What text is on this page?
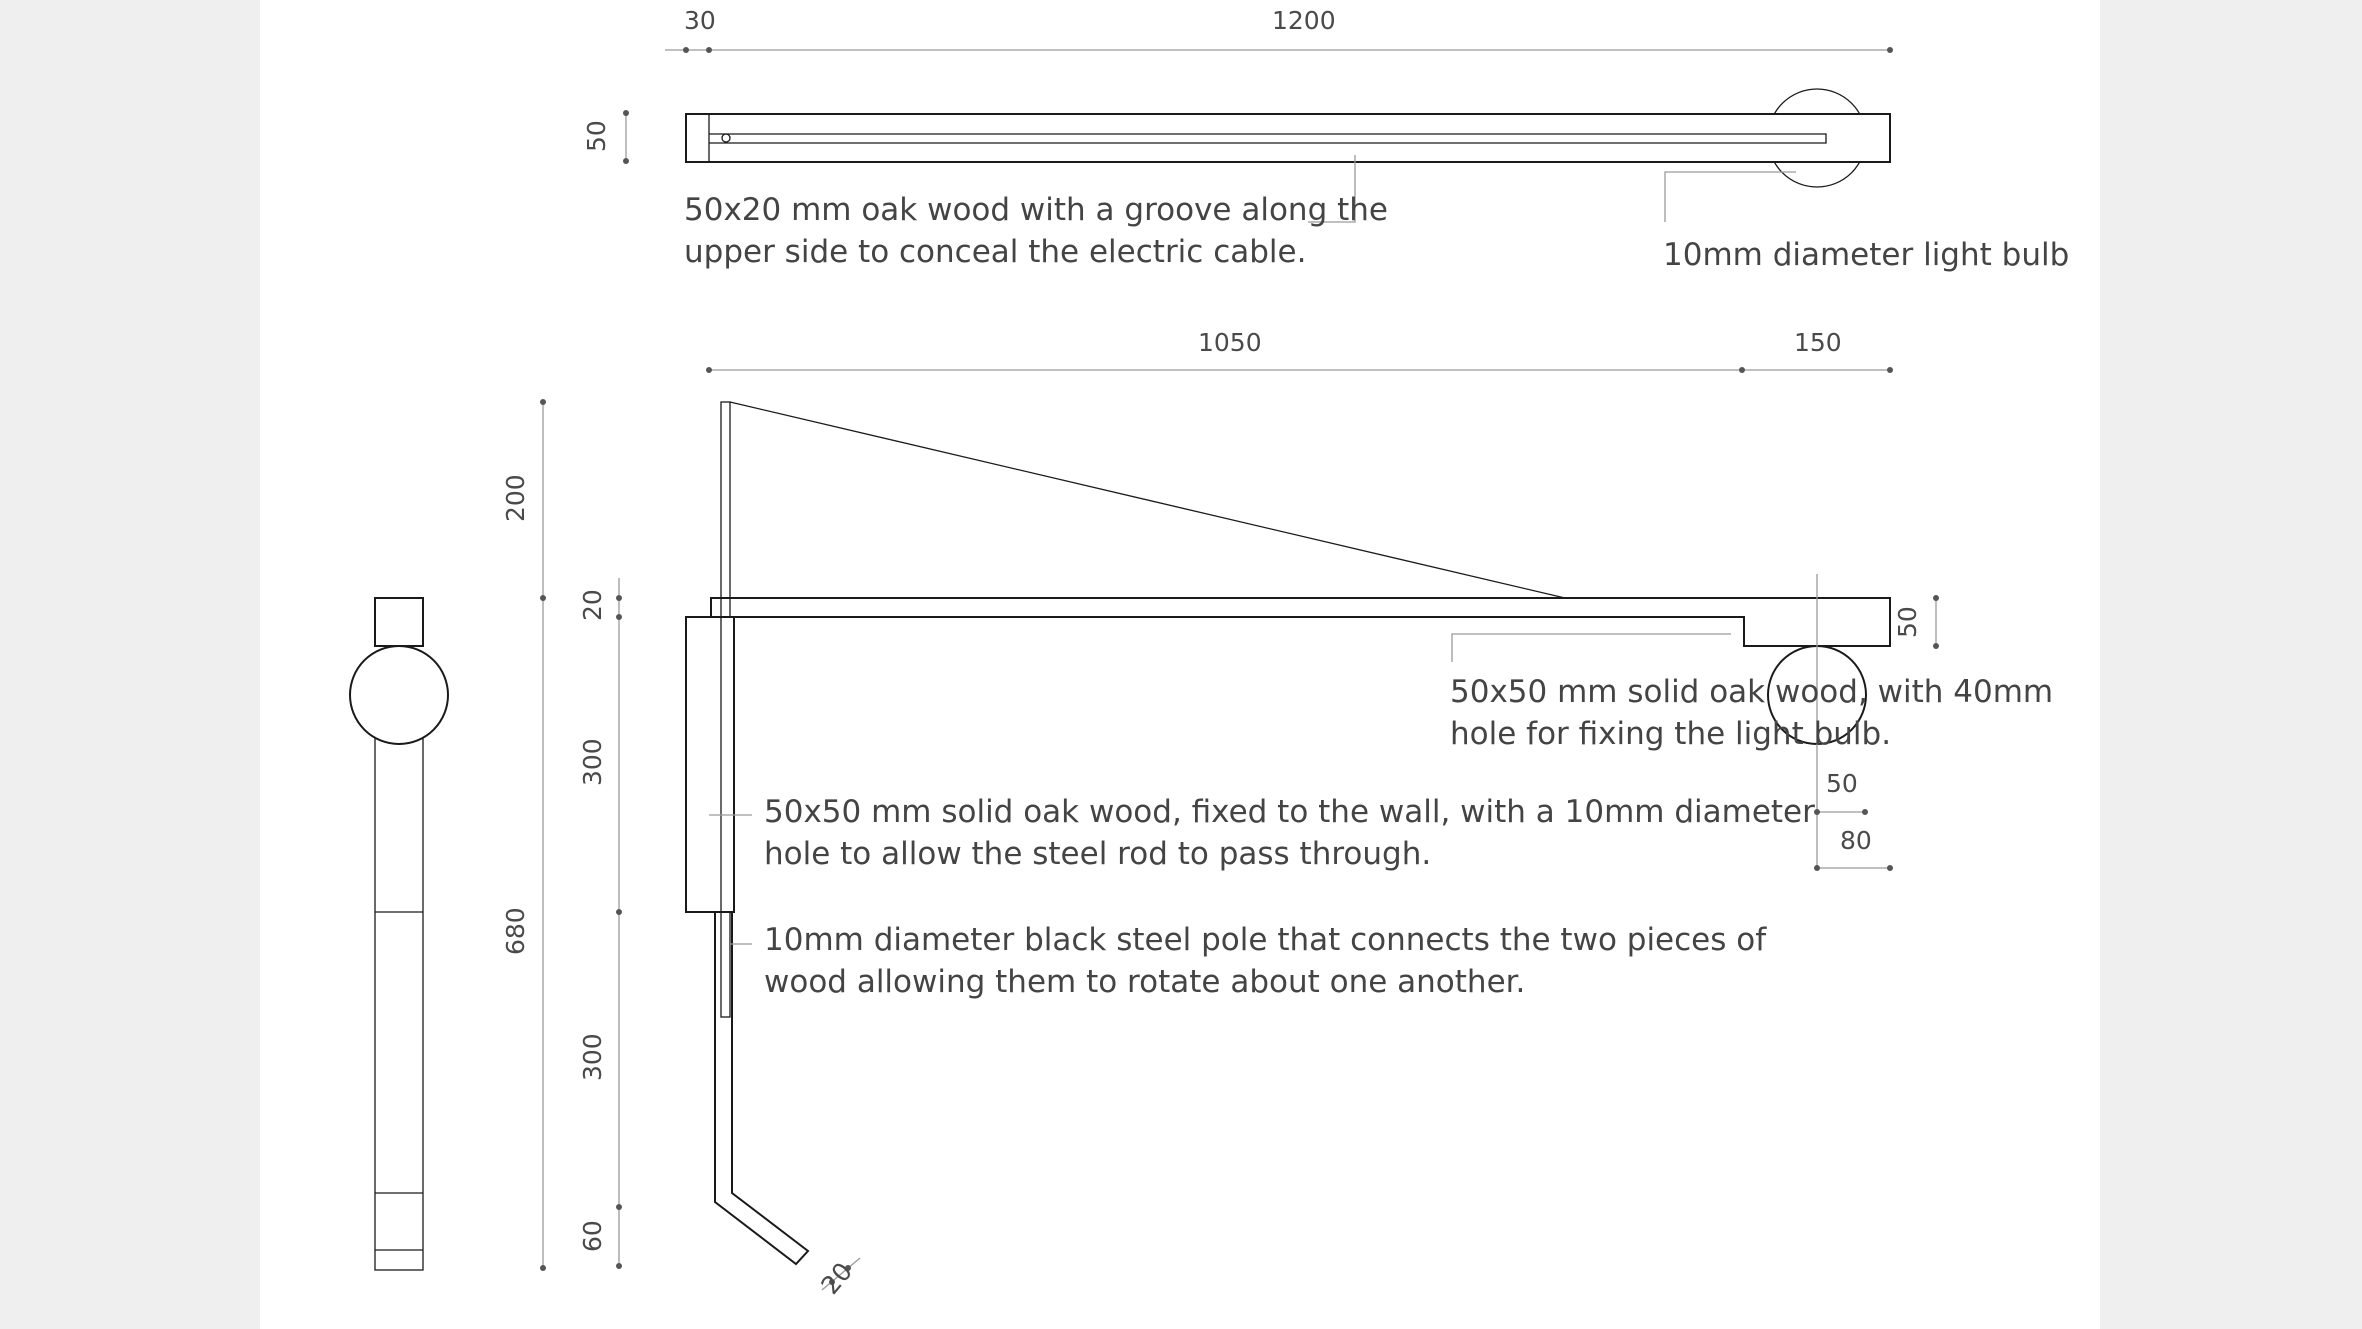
30	1200
50
50x20 mm oak wood with a groove along the
upper side to conceal the electric cable.	10mm diameter light bulb
1050	150
20
50
50
80
20
300
300
60
200
680
50x50 mm solid oak wood, with 40mm
hole for fixing the light bulb.
50x50 mm solid oak wood, fixed to the wall, with a 10mm diameter
hole to allow the steel rod to pass through.
10mm diameter black steel pole that connects the two pieces of
wood allowing them to rotate about one another.
